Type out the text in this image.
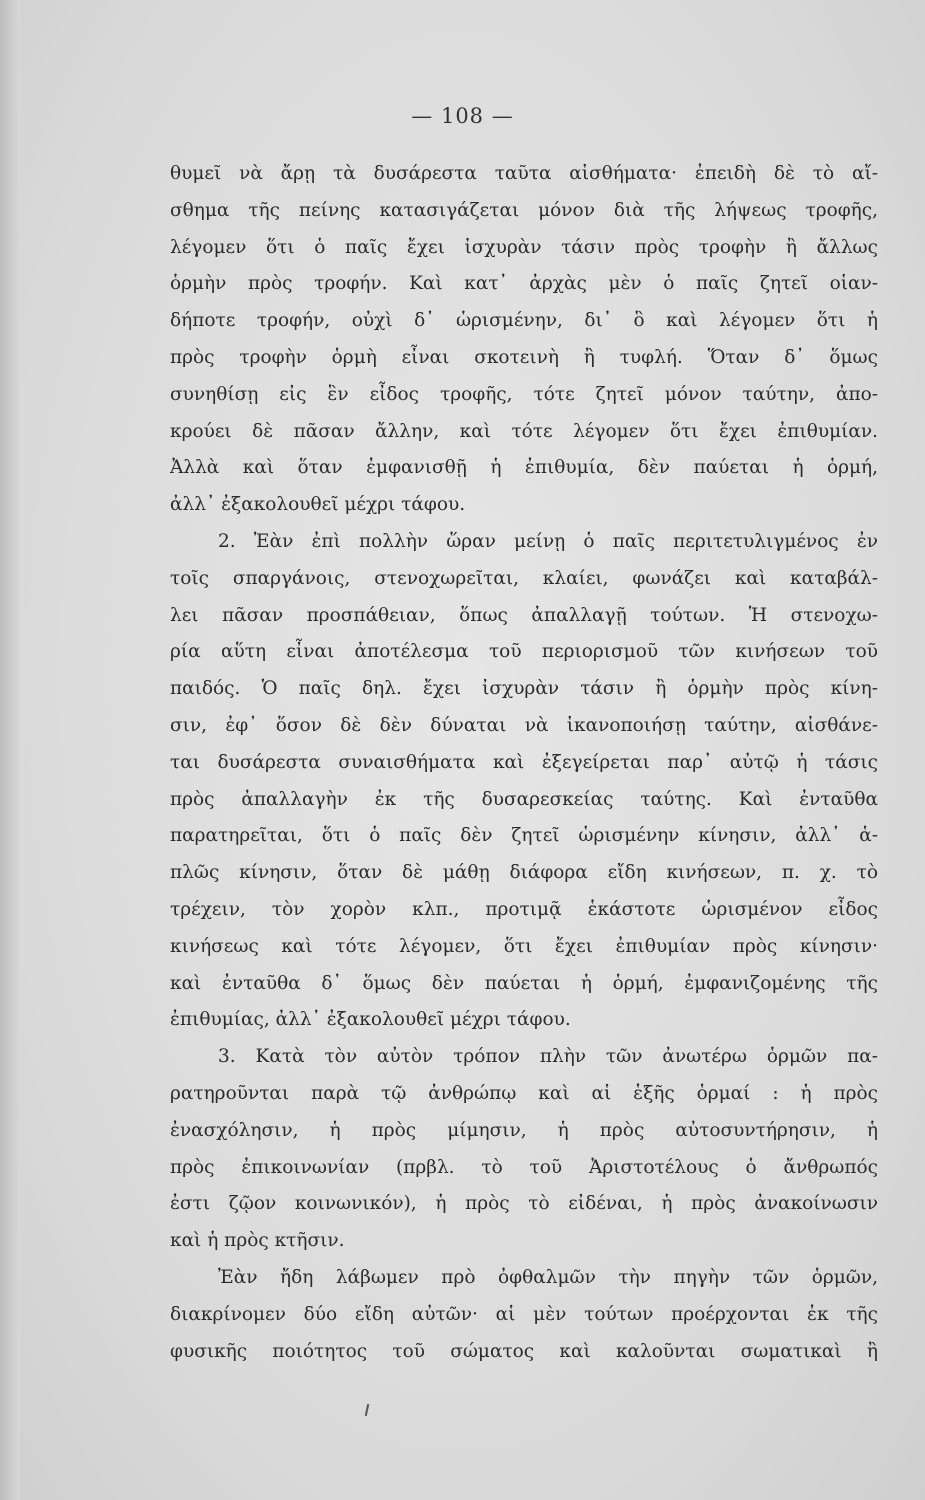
— 108 —
θυμεῖ νὰ ἄρῃ τὰ δυσάρεστα ταῦτα αἰσθήματα· ἐπειδὴ δὲ τὸ αἴ-
σθημα τῆς πείνης κατασιγάζεται μόνον διὰ τῆς λήψεως τροφῆς,
λέγομεν ὅτι ὁ παῖς ἔχει ἰσχυρὰν τάσιν πρὸς τροφὴν ἢ ἄλλως
ὁρμὴν πρὸς τροφήν. Καὶ κατ᾿ ἀρχὰς μὲν ὁ παῖς ζητεῖ οἱαν-
δήποτε τροφήν, οὐχὶ δ᾿ ὡρισμένην, δι᾿ ὃ καὶ λέγομεν ὅτι ἡ
πρὸς τροφὴν ὁρμὴ εἶναι σκοτεινὴ ἢ τυφλή. Ὅταν δ᾿ ὅμως
συνηθίσῃ εἰς ἓν εἶδος τροφῆς, τότε ζητεῖ μόνον ταύτην, ἀπο-
κρούει δὲ πᾶσαν ἄλλην, καὶ τότε λέγομεν ὅτι ἔχει ἐπιθυμίαν.
Ἀλλὰ καὶ ὅταν ἐμφανισθῇ ἡ ἐπιθυμία, δὲν παύεται ἡ ὁρμή,
ἀλλ᾿ ἐξακολουθεῖ μέχρι τάφου.
2. Ἐὰν ἐπὶ πολλὴν ὥραν μείνῃ ὁ παῖς περιτετυλιγμένος ἐν
τοῖς σπαργάνοις, στενοχωρεῖται, κλαίει, φωνάζει καὶ καταβάλ-
λει πᾶσαν προσπάθειαν, ὅπως ἀπαλλαγῇ τούτων. Ἡ στενοχω-
ρία αὕτη εἶναι ἀποτέλεσμα τοῦ περιορισμοῦ τῶν κινήσεων τοῦ
παιδός. Ὁ παῖς δηλ. ἔχει ἰσχυρὰν τάσιν ἢ ὁρμὴν πρὸς κίνη-
σιν, ἐφ᾿ ὅσον δὲ δὲν δύναται νὰ ἱκανοποιήσῃ ταύτην, αἰσθάνε-
ται δυσάρεστα συναισθήματα καὶ ἐξεγείρεται παρ᾿ αὐτῷ ἡ τάσις
πρὸς ἀπαλλαγὴν ἐκ τῆς δυσαρεσκείας ταύτης. Καὶ ἐνταῦθα
παρατηρεῖται, ὅτι ὁ παῖς δὲν ζητεῖ ὡρισμένην κίνησιν, ἀλλ᾿ ἁ-
πλῶς κίνησιν, ὅταν δὲ μάθῃ διάφορα εἴδη κινήσεων, π. χ. τὸ
τρέχειν, τὸν χορὸν κλπ., προτιμᾷ ἑκάστοτε ὡρισμένον εἶδος
κινήσεως καὶ τότε λέγομεν, ὅτι ἔχει ἐπιθυμίαν πρὸς κίνησιν·
καὶ ἐνταῦθα δ᾿ ὅμως δὲν παύεται ἡ ὁρμή, ἐμφανιζομένης τῆς
ἐπιθυμίας, ἀλλ᾿ ἐξακολουθεῖ μέχρι τάφου.
3. Κατὰ τὸν αὐτὸν τρόπον πλὴν τῶν ἀνωτέρω ὁρμῶν πα-
ρατηροῦνται παρὰ τῷ ἀνθρώπῳ καὶ αἱ ἑξῆς ὁρμαί : ἡ πρὸς
ἐνασχόλησιν, ἡ πρὸς μίμησιν, ἡ πρὸς αὐτοσυντήρησιν, ἡ
πρὸς ἐπικοινωνίαν (πρβλ. τὸ τοῦ Ἀριστοτέλους ὁ ἄνθρωπός
ἐστι ζῷον κοινωνικόν), ἡ πρὸς τὸ εἰδέναι, ἡ πρὸς ἀνακοίνωσιν
καὶ ἡ πρὸς κτῆσιν.
Ἐὰν ἤδη λάβωμεν πρὸ ὀφθαλμῶν τὴν πηγὴν τῶν ὁρμῶν,
διακρίνομεν δύο εἴδη αὐτῶν· αἱ μὲν τούτων προέρχονται ἐκ τῆς
φυσικῆς ποιότητος τοῦ σώματος καὶ καλοῦνται σωματικαὶ ἢ
